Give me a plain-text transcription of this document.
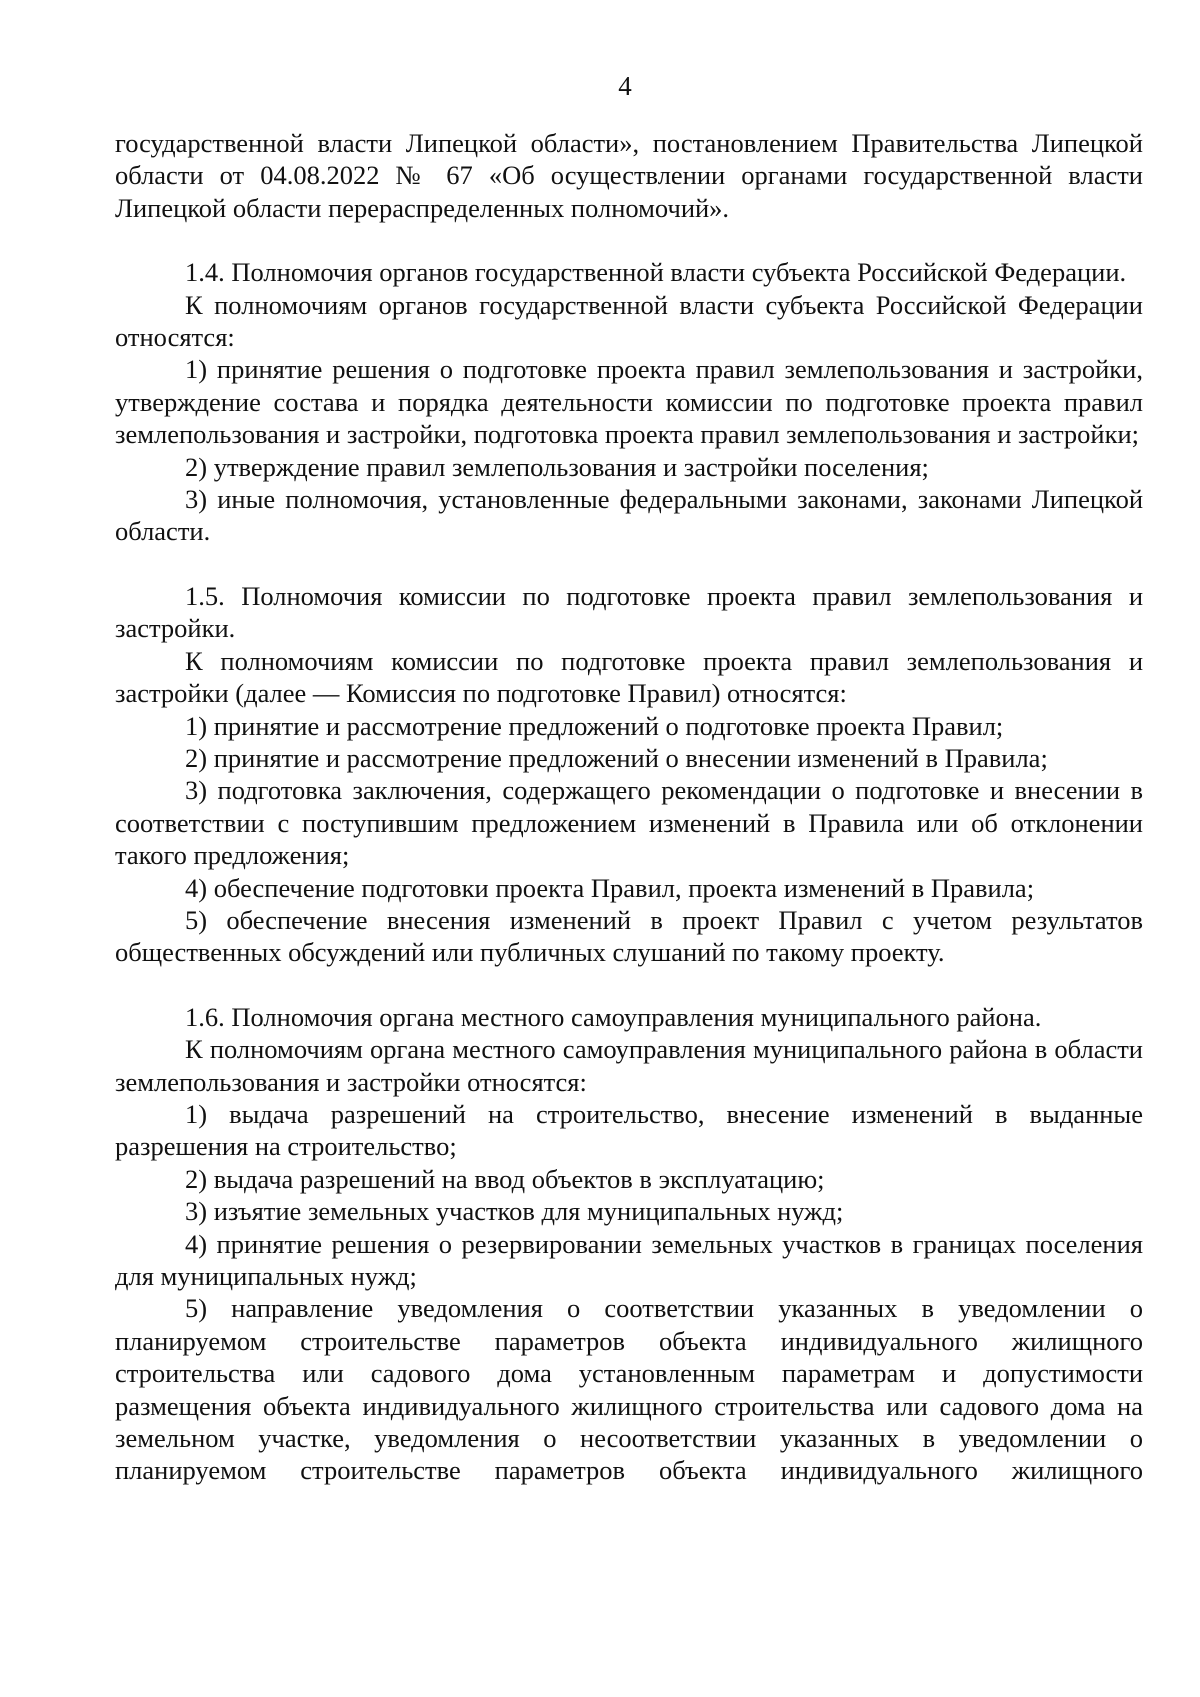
4

государственной власти Липецкой области», постановлением Правительства Липецкой области от 04.08.2022 № 67 «Об осуществлении органами государственной власти Липецкой области перераспределенных полномочий».

1.4. Полномочия органов государственной власти субъекта Российской Федерации.

К полномочиям органов государственной власти субъекта Российской Федерации относятся:

1) принятие решения о подготовке проекта правил землепользования и застройки, утверждение состава и порядка деятельности комиссии по подготовке проекта правил землепользования и застройки, подготовка проекта правил землепользования и застройки;

2) утверждение правил землепользования и застройки поселения;

3) иные полномочия, установленные федеральными законами, законами Липецкой области.

1.5. Полномочия комиссии по подготовке проекта правил землепользования и застройки.

К полномочиям комиссии по подготовке проекта правил землепользования и застройки (далее — Комиссия по подготовке Правил) относятся:

1) принятие и рассмотрение предложений о подготовке проекта Правил;

2) принятие и рассмотрение предложений о внесении изменений в Правила;

3) подготовка заключения, содержащего рекомендации о подготовке и внесении в соответствии с поступившим предложением изменений в Правила или об отклонении такого предложения;

4) обеспечение подготовки проекта Правил, проекта изменений в Правила;

5) обеспечение внесения изменений в проект Правил с учетом результатов общественных обсуждений или публичных слушаний по такому проекту.

1.6. Полномочия органа местного самоуправления муниципального района.

К полномочиям органа местного самоуправления муниципального района в области землепользования и застройки относятся:

1) выдача разрешений на строительство, внесение изменений в выданные разрешения на строительство;

2) выдача разрешений на ввод объектов в эксплуатацию;

3) изъятие земельных участков для муниципальных нужд;

4) принятие решения о резервировании земельных участков в границах поселения для муниципальных нужд;

5) направление уведомления о соответствии указанных в уведомлении о планируемом строительстве параметров объекта индивидуального жилищного строительства или садового дома установленным параметрам и допустимости размещения объекта индивидуального жилищного строительства или садового дома на земельном участке, уведомления о несоответствии указанных в уведомлении о планируемом строительстве параметров объекта индивидуального жилищного
